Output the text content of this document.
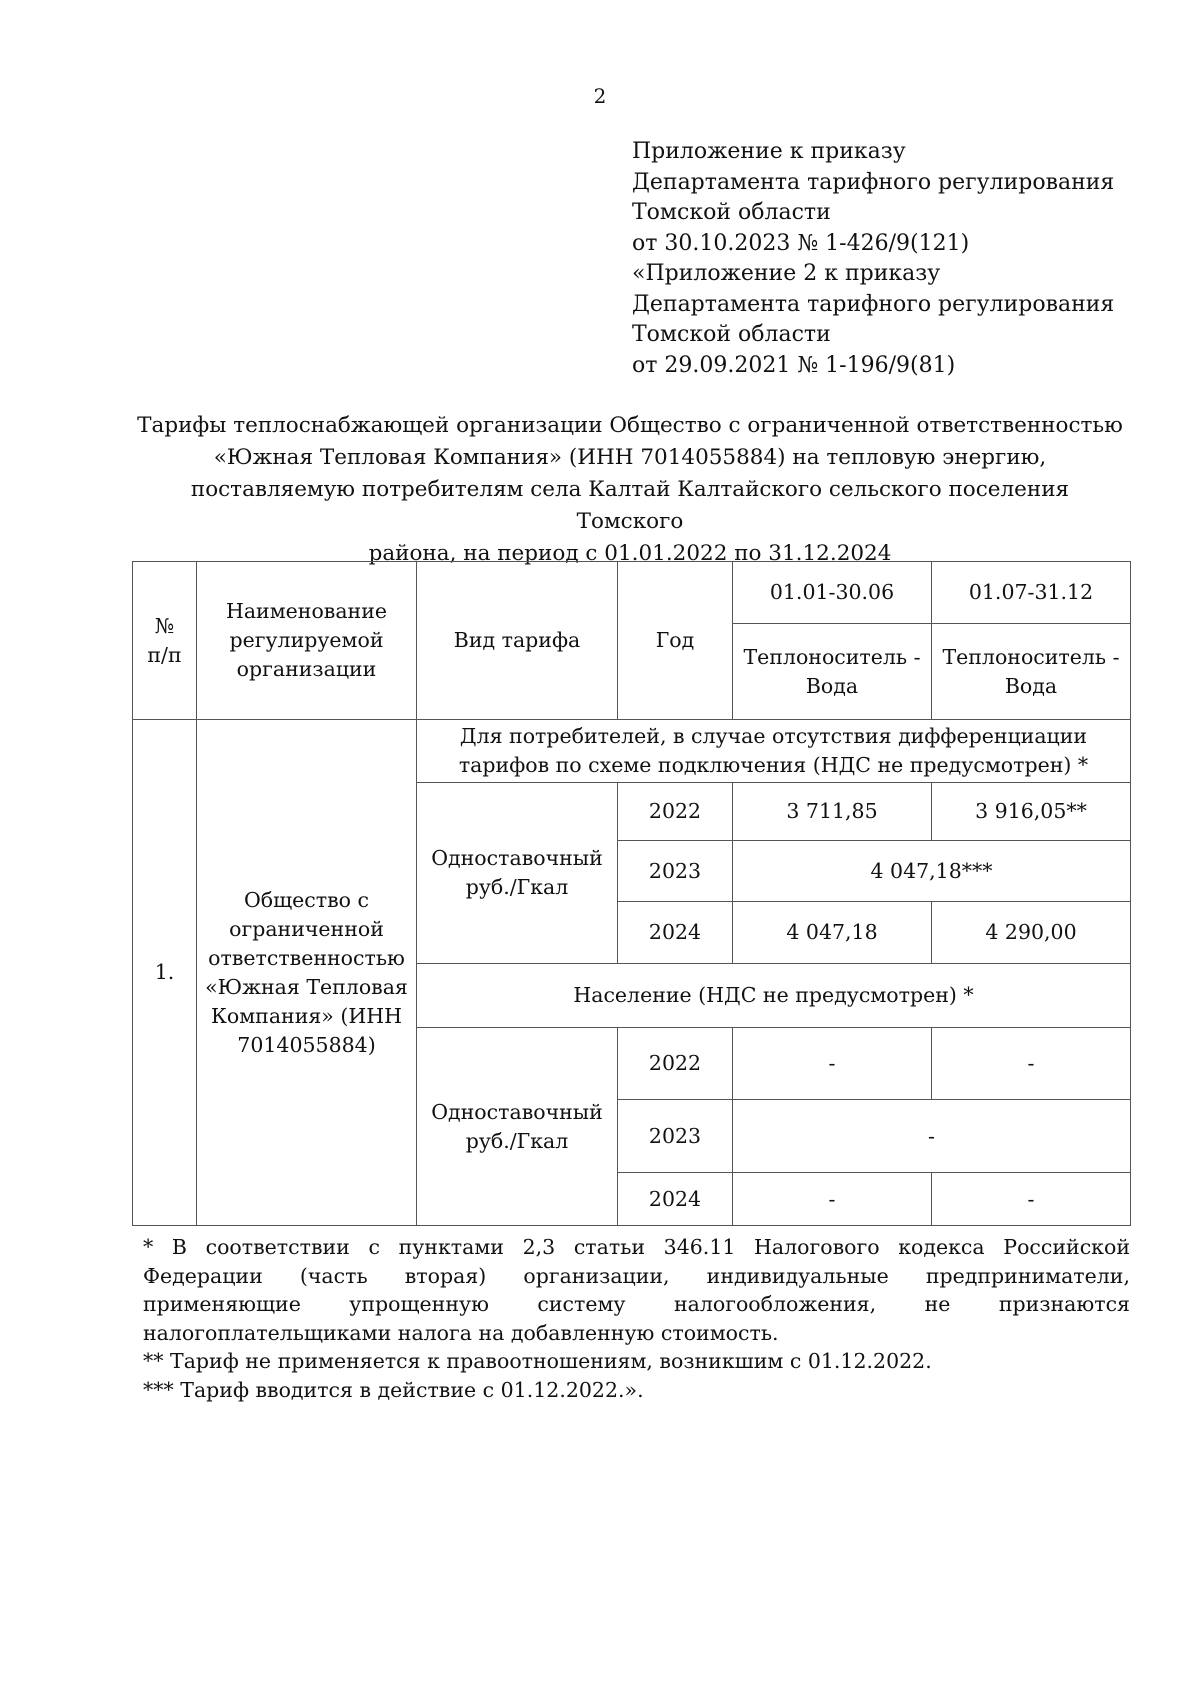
2
Приложение к приказу
Департамента тарифного регулирования
Томской области
от 30.10.2023 № 1-426/9(121)
«Приложение 2 к приказу
Департамента тарифного регулирования
Томской области
от 29.09.2021 № 1-196/9(81)
Тарифы теплоснабжающей организации Общество с ограниченной ответственностью
«Южная Тепловая Компания» (ИНН 7014055884) на тепловую энергию,
поставляемую потребителям села Калтай Калтайского сельского поселения Томского
района, на период с 01.01.2022 по 31.12.2024
№
п/п	Наименование регулируемой организации	Вид тарифа	Год	01.01-30.06	01.07-31.12
				Теплоноситель - Вода	Теплоноситель - Вода
1.	Общество с ограниченной ответственностью «Южная Тепловая Компания» (ИНН 7014055884)	Для потребителей, в случае отсутствия дифференциации тарифов по схеме подключения (НДС не предусмотрен) *			
		Одноставочный руб./Гкал	2022	3 711,85	3 916,05**
			2023	4 047,18***	
			2024	4 047,18	4 290,00
		Население (НДС не предусмотрен) *			
		Одноставочный руб./Гкал	2022	-	-
			2023	-	
			2024	-	-
* В соответствии с пунктами 2,3 статьи 346.11 Налогового кодекса Российской Федерации (часть вторая) организации, индивидуальные предприниматели, применяющие упрощенную систему налогообложения, не признаются налогоплательщиками налога на добавленную стоимость.
** Тариф не применяется к правоотношениям, возникшим с 01.12.2022.
*** Тариф вводится в действие с 01.12.2022.».
